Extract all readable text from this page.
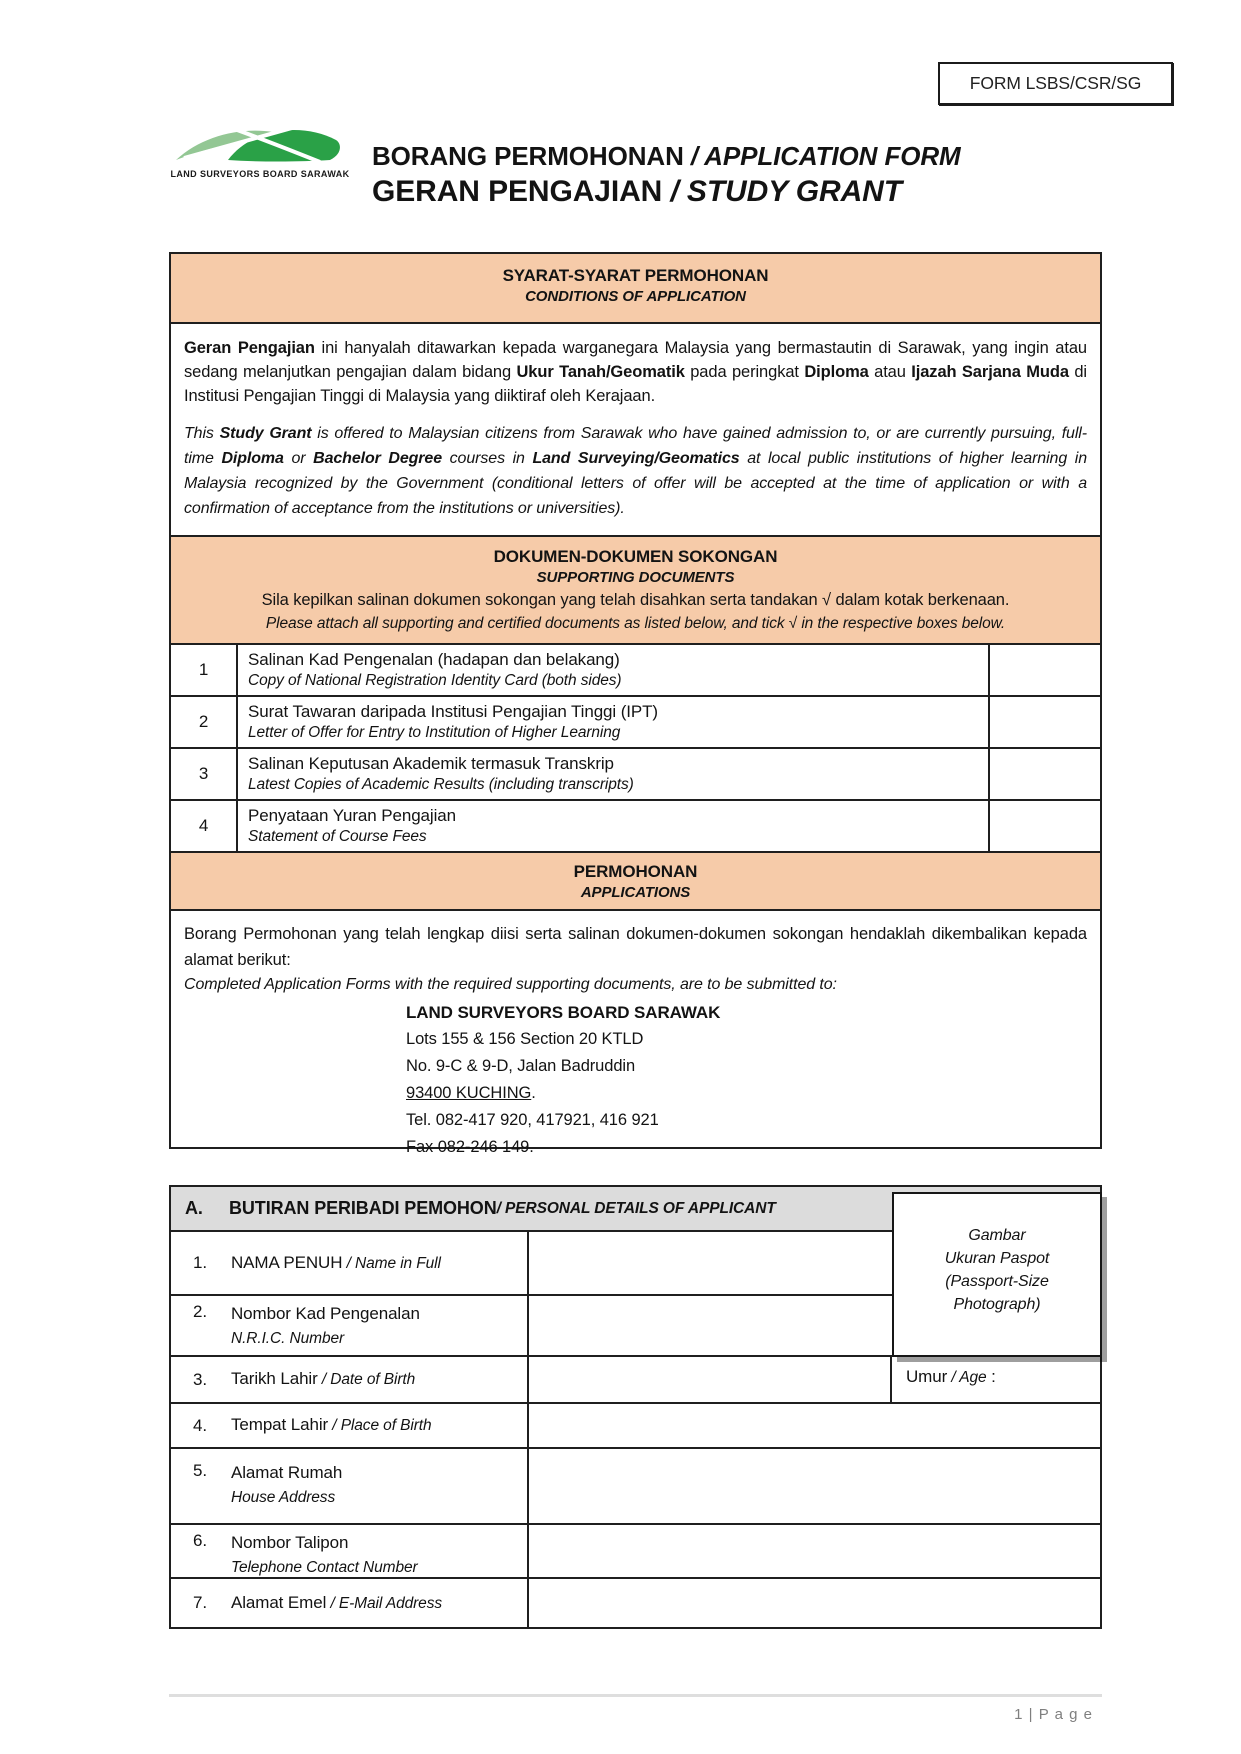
FORM LSBS/CSR/SG
LAND SURVEYORS BOARD SARAWAK
BORANG PERMOHONAN / APPLICATION FORM
GERAN PENGAJIAN / STUDY GRANT
SYARAT-SYARAT PERMOHONAN
CONDITIONS OF APPLICATION

Geran Pengajian ini hanyalah ditawarkan kepada warganegara Malaysia yang bermastautin di Sarawak, yang ingin atau sedang melanjutkan pengajian dalam bidang Ukur Tanah/Geomatik pada peringkat Diploma atau Ijazah Sarjana Muda di Institusi Pengajian Tinggi di Malaysia yang diiktiraf oleh Kerajaan.

This Study Grant is offered to Malaysian citizens from Sarawak who have gained admission to, or are currently pursuing, full-time Diploma or Bachelor Degree courses in Land Surveying/Geomatics at local public institutions of higher learning in Malaysia recognized by the Government (conditional letters of offer will be accepted at the time of application or with a confirmation of acceptance from the institutions or universities).

DOKUMEN-DOKUMEN SOKONGAN
SUPPORTING DOCUMENTS
Sila kepilkan salinan dokumen sokongan yang telah disahkan serta tandakan √ dalam kotak berkenaan.
Please attach all supporting and certified documents as listed below, and tick √ in the respective boxes below.
1
Salinan Kad Pengenalan (hadapan dan belakang)
Copy of National Registration Identity Card (both sides)
2
Surat Tawaran daripada Institusi Pengajian Tinggi (IPT)
Letter of Offer for Entry to Institution of Higher Learning
3
Salinan Keputusan Akademik termasuk Transkrip
Latest Copies of Academic Results (including transcripts)
4
Penyataan Yuran Pengajian
Statement of Course Fees
PERMOHONAN
APPLICATIONS

Borang Permohonan yang telah lengkap diisi serta salinan dokumen-dokumen sokongan hendaklah dikembalikan kepada alamat berikut:

Completed Application Forms with the required supporting documents, are to be submitted to:

LAND SURVEYORS BOARD SARAWAK
Lots 155 & 156 Section 20 KTLD
No. 9-C & 9-D, Jalan Badruddin
93400 KUCHING.
Tel. 082-417 920, 417921, 416 921
Fax 082-246 149.
A.	BUTIRAN PERIBADI PEMOHON / PERSONAL DETAILS OF APPLICANT
1.	NAMA PENUH / Name in Full
2.	Nombor Kad Pengenalan
N.R.I.C. Number
3.	Tarikh Lahir / Date of Birth	Umur / Age :
4.	Tempat Lahir / Place of Birth
5.	Alamat Rumah
House Address
6.	Nombor Talipon
Telephone Contact Number
7.	Alamat Emel / E-Mail Address
Gambar
Ukuran Paspot
(Passport-Size
Photograph)
1 | P a g e
